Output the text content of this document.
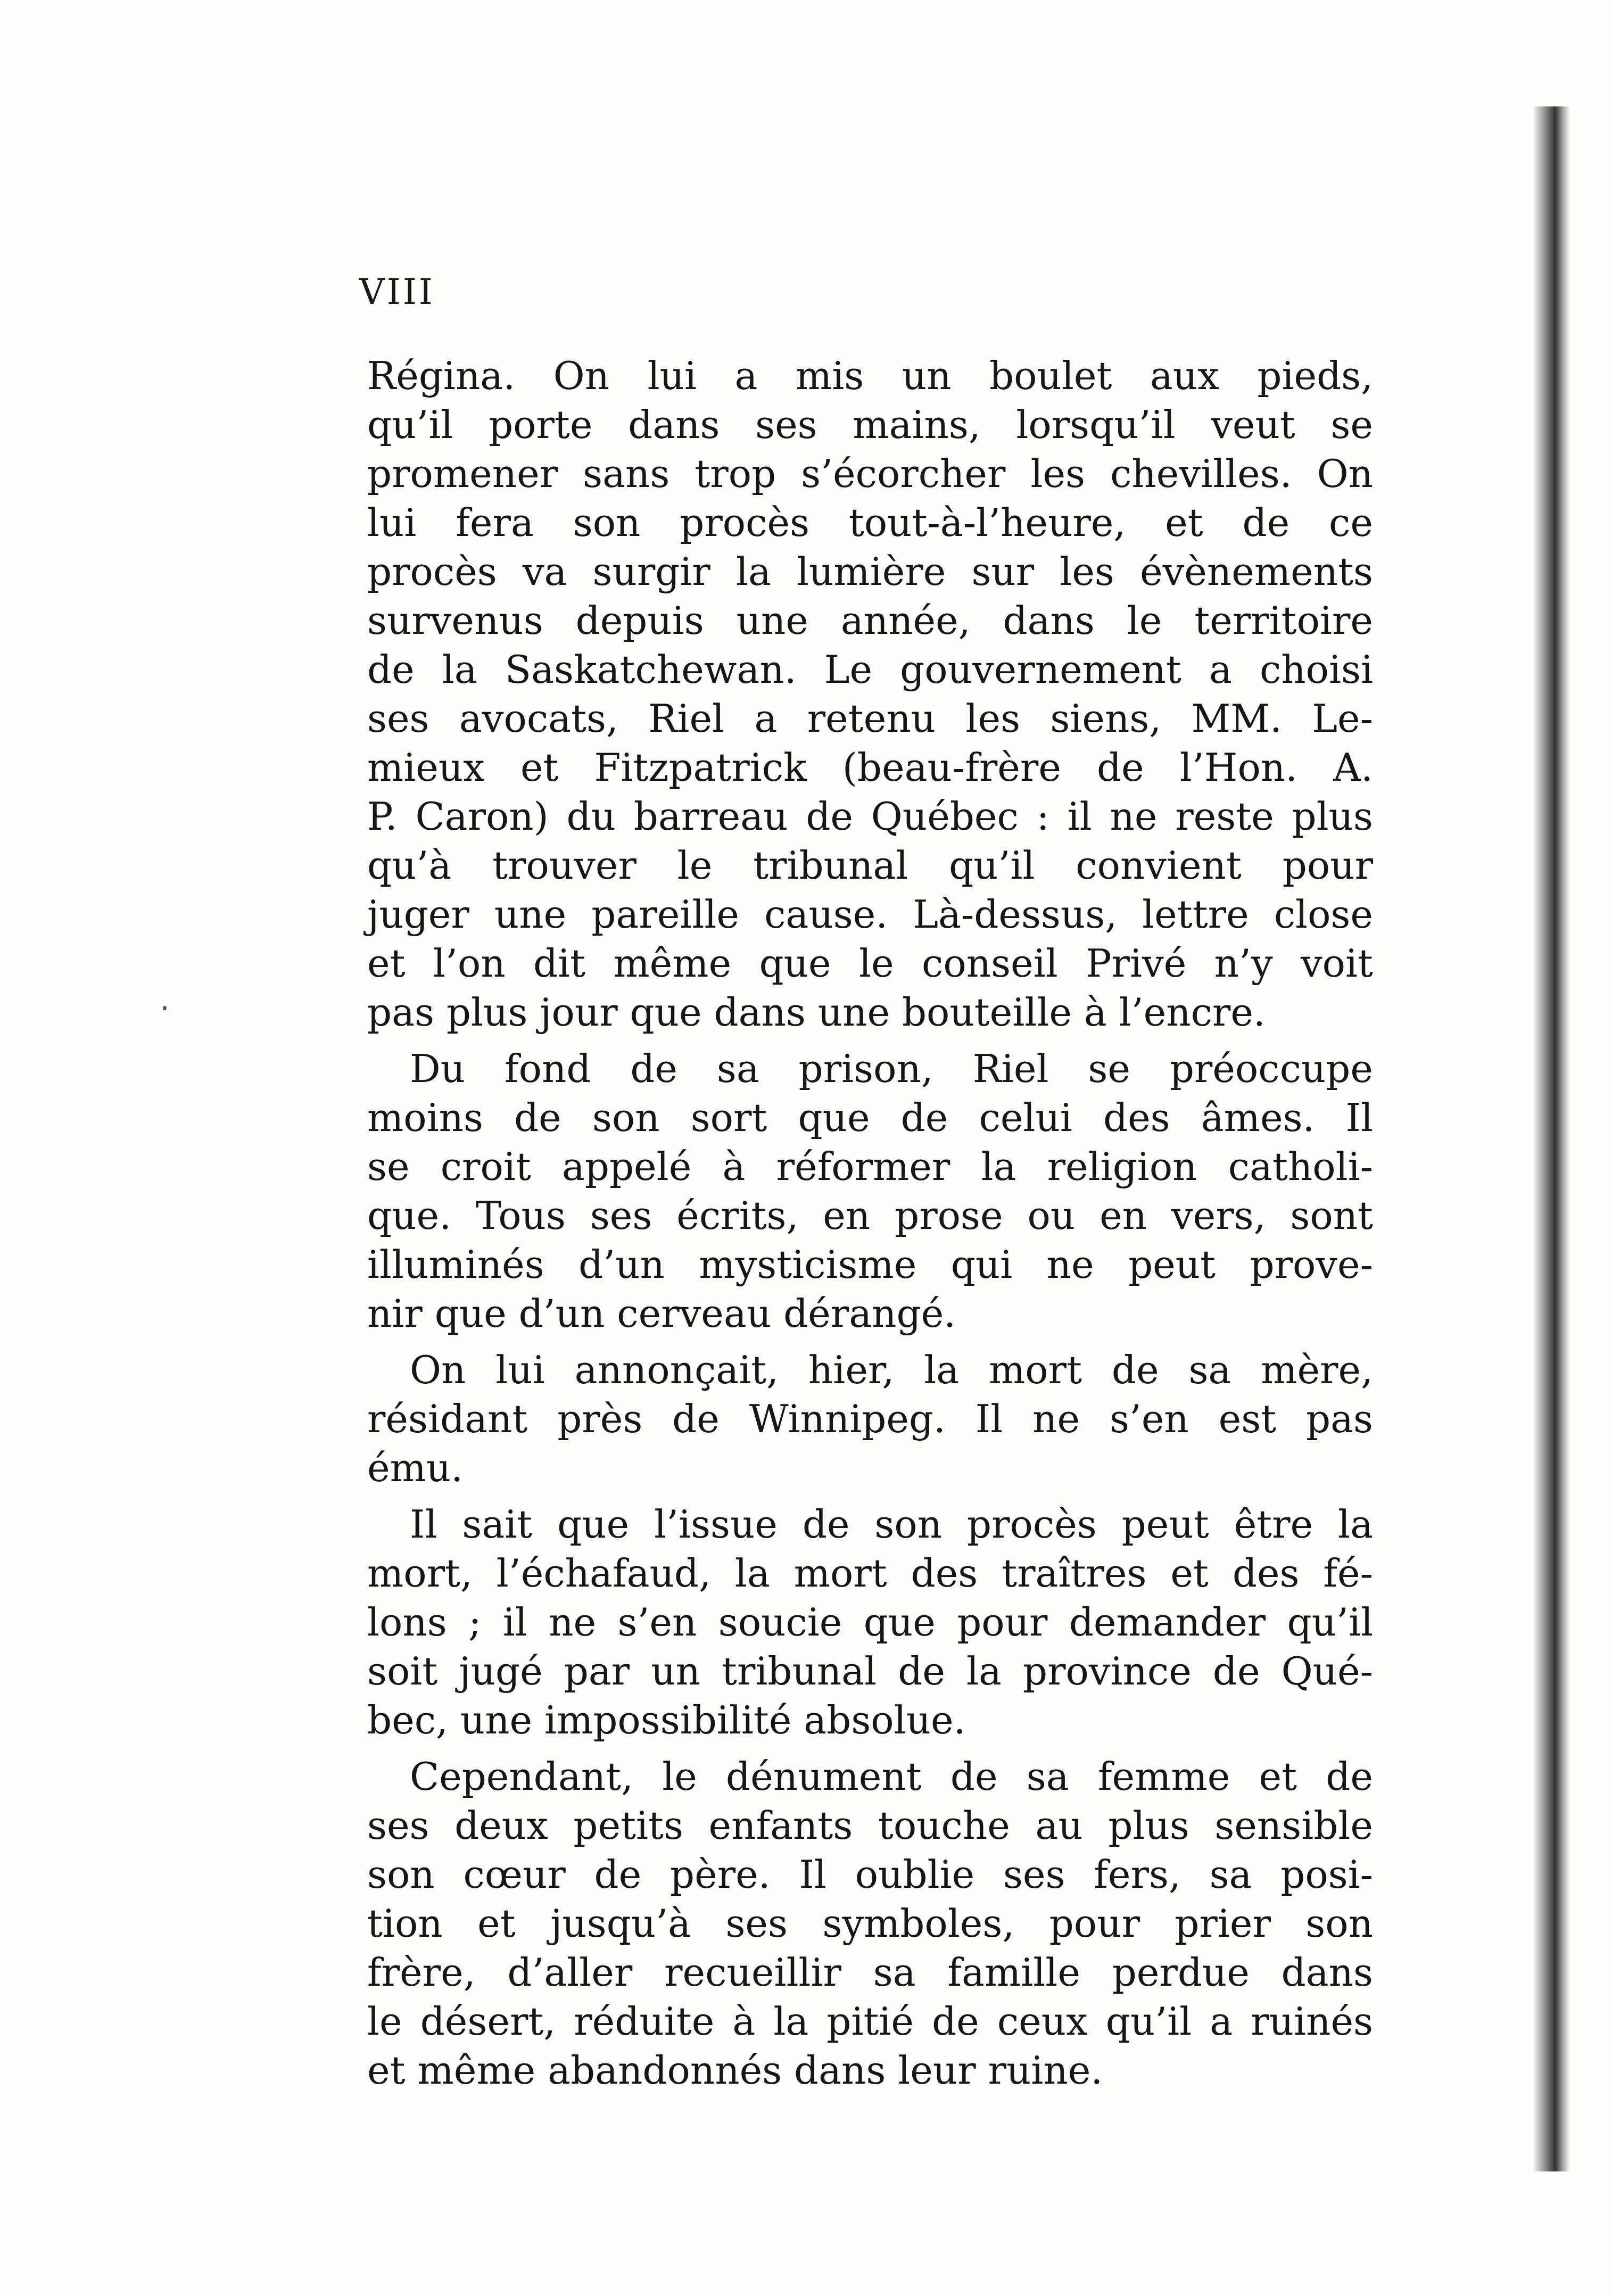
VIII
Régina. On lui a mis un boulet aux pieds,
qu’il porte dans ses mains, lorsqu’il veut se
promener sans trop s’écorcher les chevilles. On
lui fera son procès tout-à-l’heure, et de ce
procès va surgir la lumière sur les évènements
survenus depuis une année, dans le territoire
de la Saskatchewan. Le gouvernement a choisi
ses avocats, Riel a retenu les siens, MM. Le-
mieux et Fitzpatrick (beau-frère de l’Hon. A.
P. Caron) du barreau de Québec : il ne reste plus
qu’à trouver le tribunal qu’il convient pour
juger une pareille cause. Là-dessus, lettre close
et l’on dit même que le conseil Privé n’y voit
pas plus jour que dans une bouteille à l’encre.
Du fond de sa prison, Riel se préoccupe
moins de son sort que de celui des âmes. Il
se croit appelé à réformer la religion catholi-
que. Tous ses écrits, en prose ou en vers, sont
illuminés d’un mysticisme qui ne peut prove-
nir que d’un cerveau dérangé.
On lui annonçait, hier, la mort de sa mère,
résidant près de Winnipeg. Il ne s’en est pas
ému.
Il sait que l’issue de son procès peut être la
mort, l’échafaud, la mort des traîtres et des fé-
lons ; il ne s’en soucie que pour demander qu’il
soit jugé par un tribunal de la province de Qué-
bec, une impossibilité absolue.
Cependant, le dénument de sa femme et de
ses deux petits enfants touche au plus sensible
son cœur de père. Il oublie ses fers, sa posi-
tion et jusqu’à ses symboles, pour prier son
frère, d’aller recueillir sa famille perdue dans
le désert, réduite à la pitié de ceux qu’il a ruinés
et même abandonnés dans leur ruine.
·
